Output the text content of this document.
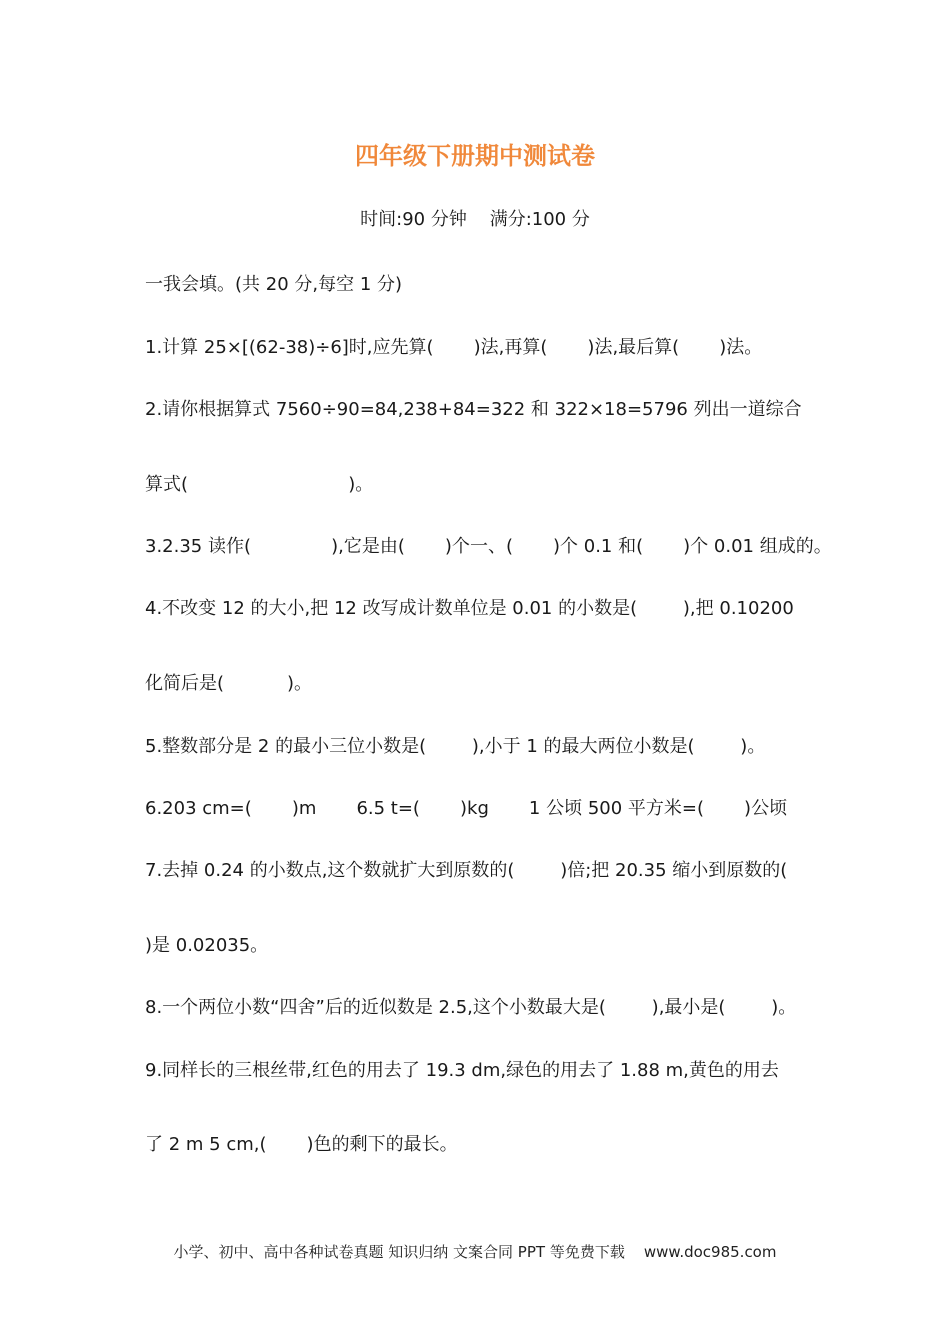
四年级下册期中测试卷
时间:90 分钟    满分:100 分
一我会填。(共 20 分,每空 1 分)
1.计算 25×[(62-38)÷6]时,应先算(       )法,再算(       )法,最后算(       )法。
2.请你根据算式 7560÷90=84,238+84=322 和 322×18=5796 列出一道综合
算式(                            )。
3.2.35 读作(              ),它是由(       )个一、(       )个 0.1 和(       )个 0.01 组成的。
4.不改变 12 的大小,把 12 改写成计数单位是 0.01 的小数是(        ),把 0.10200
化简后是(           )。
5.整数部分是 2 的最小三位小数是(        ),小于 1 的最大两位小数是(        )。
6.203 cm=(       )m       6.5 t=(       )kg       1 公顷 500 平方米=(       )公顷
7.去掉 0.24 的小数点,这个数就扩大到原数的(        )倍;把 20.35 缩小到原数的(
)是 0.02035。
8.一个两位小数“四舍”后的近似数是 2.5,这个小数最大是(        ),最小是(        )。
9.同样长的三根丝带,红色的用去了 19.3 dm,绿色的用去了 1.88 m,黄色的用去
了 2 m 5 cm,(       )色的剩下的最长。
小学、初中、高中各种试卷真题 知识归纳 文案合同 PPT 等免费下载    www.doc985.com
